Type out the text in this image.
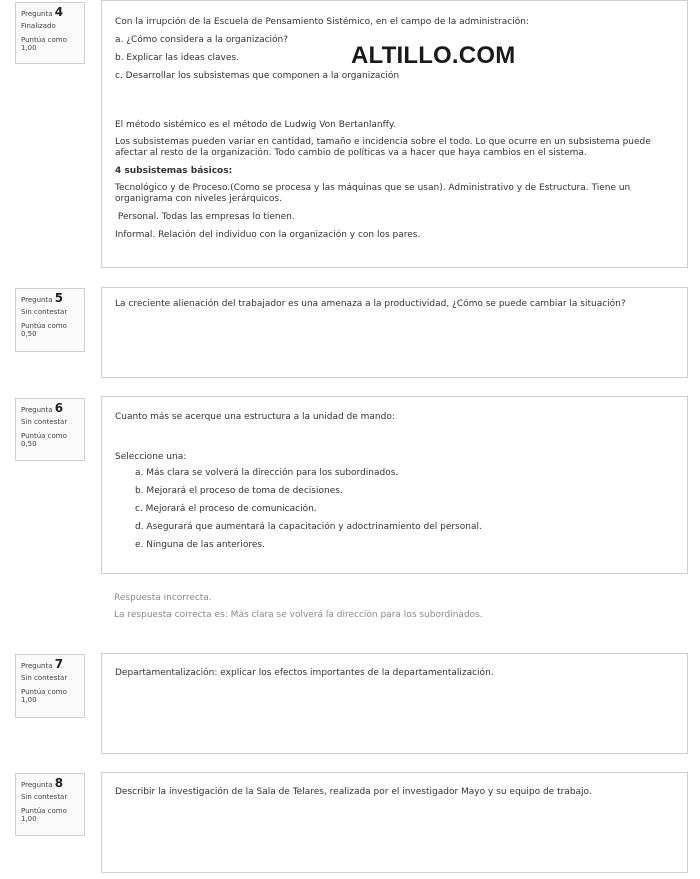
Pregunta 4
Finalizado
Puntúa como
1,00

Con la irrupción de la Escuela de Pensamiento Sistémico, en el campo de la administración:

a. ¿Cómo considera a la organización?

b. Explicar las ideas claves.

c. Desarrollar los subsistemas que componen a la organización

El método sistémico es el método de Ludwig Von Bertanlanffy.

Los subsistemas pueden variar en cantidad, tamaño e incidencia sobre el todo. Lo que ocurre en un subsistema puede afectar al resto de la organización. Todo cambio de políticas va a hacer que haya cambios en el sistema.

4 subsistemas básicos:

Tecnológico y de Proceso.(Como se procesa y las máquinas que se usan). Administrativo y de Estructura. Tiene un organigrama con niveles jerárquicos.

Personal. Todas las empresas lo tienen.

Informal. Relación del individuo con la organización y con los pares.

ALTILLO.COM
Pregunta 5
Sin contestar
Puntúa como
0,50

La creciente alienación del trabajador es una amenaza a la productividad, ¿Cómo se puede cambiar la situación?

Pregunta 6
Sin contestar
Puntúa como
0,50

Cuanto más se acerque una estructura a la unidad de mando:

Seleccione una:

a. Más clara se volverá la dirección para los subordinados.
b. Mejorará el proceso de toma de decisiones.
c. Mejorará el proceso de comunicación.
d. Asegurará que aumentará la capacitación y adoctrinamiento del personal.
e. Ninguna de las anteriores.
Respuesta incorrecta.
La respuesta correcta es: Más clara se volverá la dirección para los subordinados.
Pregunta 7
Sin contestar
Puntúa como
1,00

Departamentalización: explicar los efectos importantes de la departamentalización.

Pregunta 8
Sin contestar
Puntúa como
1,00

Describir la investigación de la Sala de Telares, realizada por el investigador Mayo y su equipo de trabajo.
